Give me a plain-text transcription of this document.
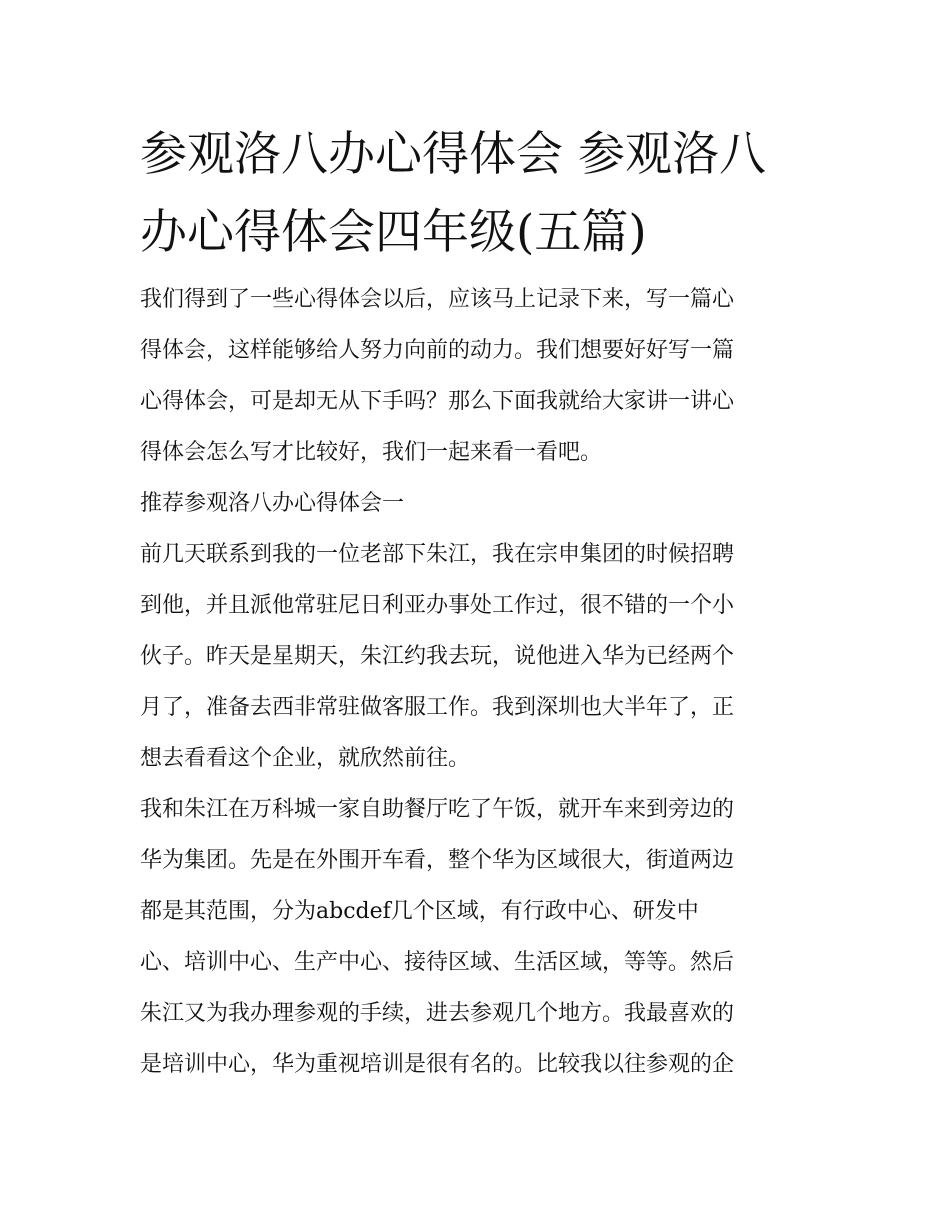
参观洛八办心得体会 参观洛八
办心得体会四年级(五篇)
我们得到了一些心得体会以后，应该马上记录下来，写一篇心
得体会，这样能够给人努力向前的动力。我们想要好好写一篇
心得体会，可是却无从下手吗？那么下面我就给大家讲一讲心
得体会怎么写才比较好，我们一起来看一看吧。
推荐参观洛八办心得体会一
前几天联系到我的一位老部下朱江，我在宗申集团的时候招聘
到他，并且派他常驻尼日利亚办事处工作过，很不错的一个小
伙子。昨天是星期天，朱江约我去玩，说他进入华为已经两个
月了，准备去西非常驻做客服工作。我到深圳也大半年了，正
想去看看这个企业，就欣然前往。
我和朱江在万科城一家自助餐厅吃了午饭，就开车来到旁边的
华为集团。先是在外围开车看，整个华为区域很大，街道两边
都是其范围，分为abcdef几个区域，有行政中心、研发中
心、培训中心、生产中心、接待区域、生活区域，等等。然后
朱江又为我办理参观的手续，进去参观几个地方。我最喜欢的
是培训中心，华为重视培训是很有名的。比较我以往参观的企
